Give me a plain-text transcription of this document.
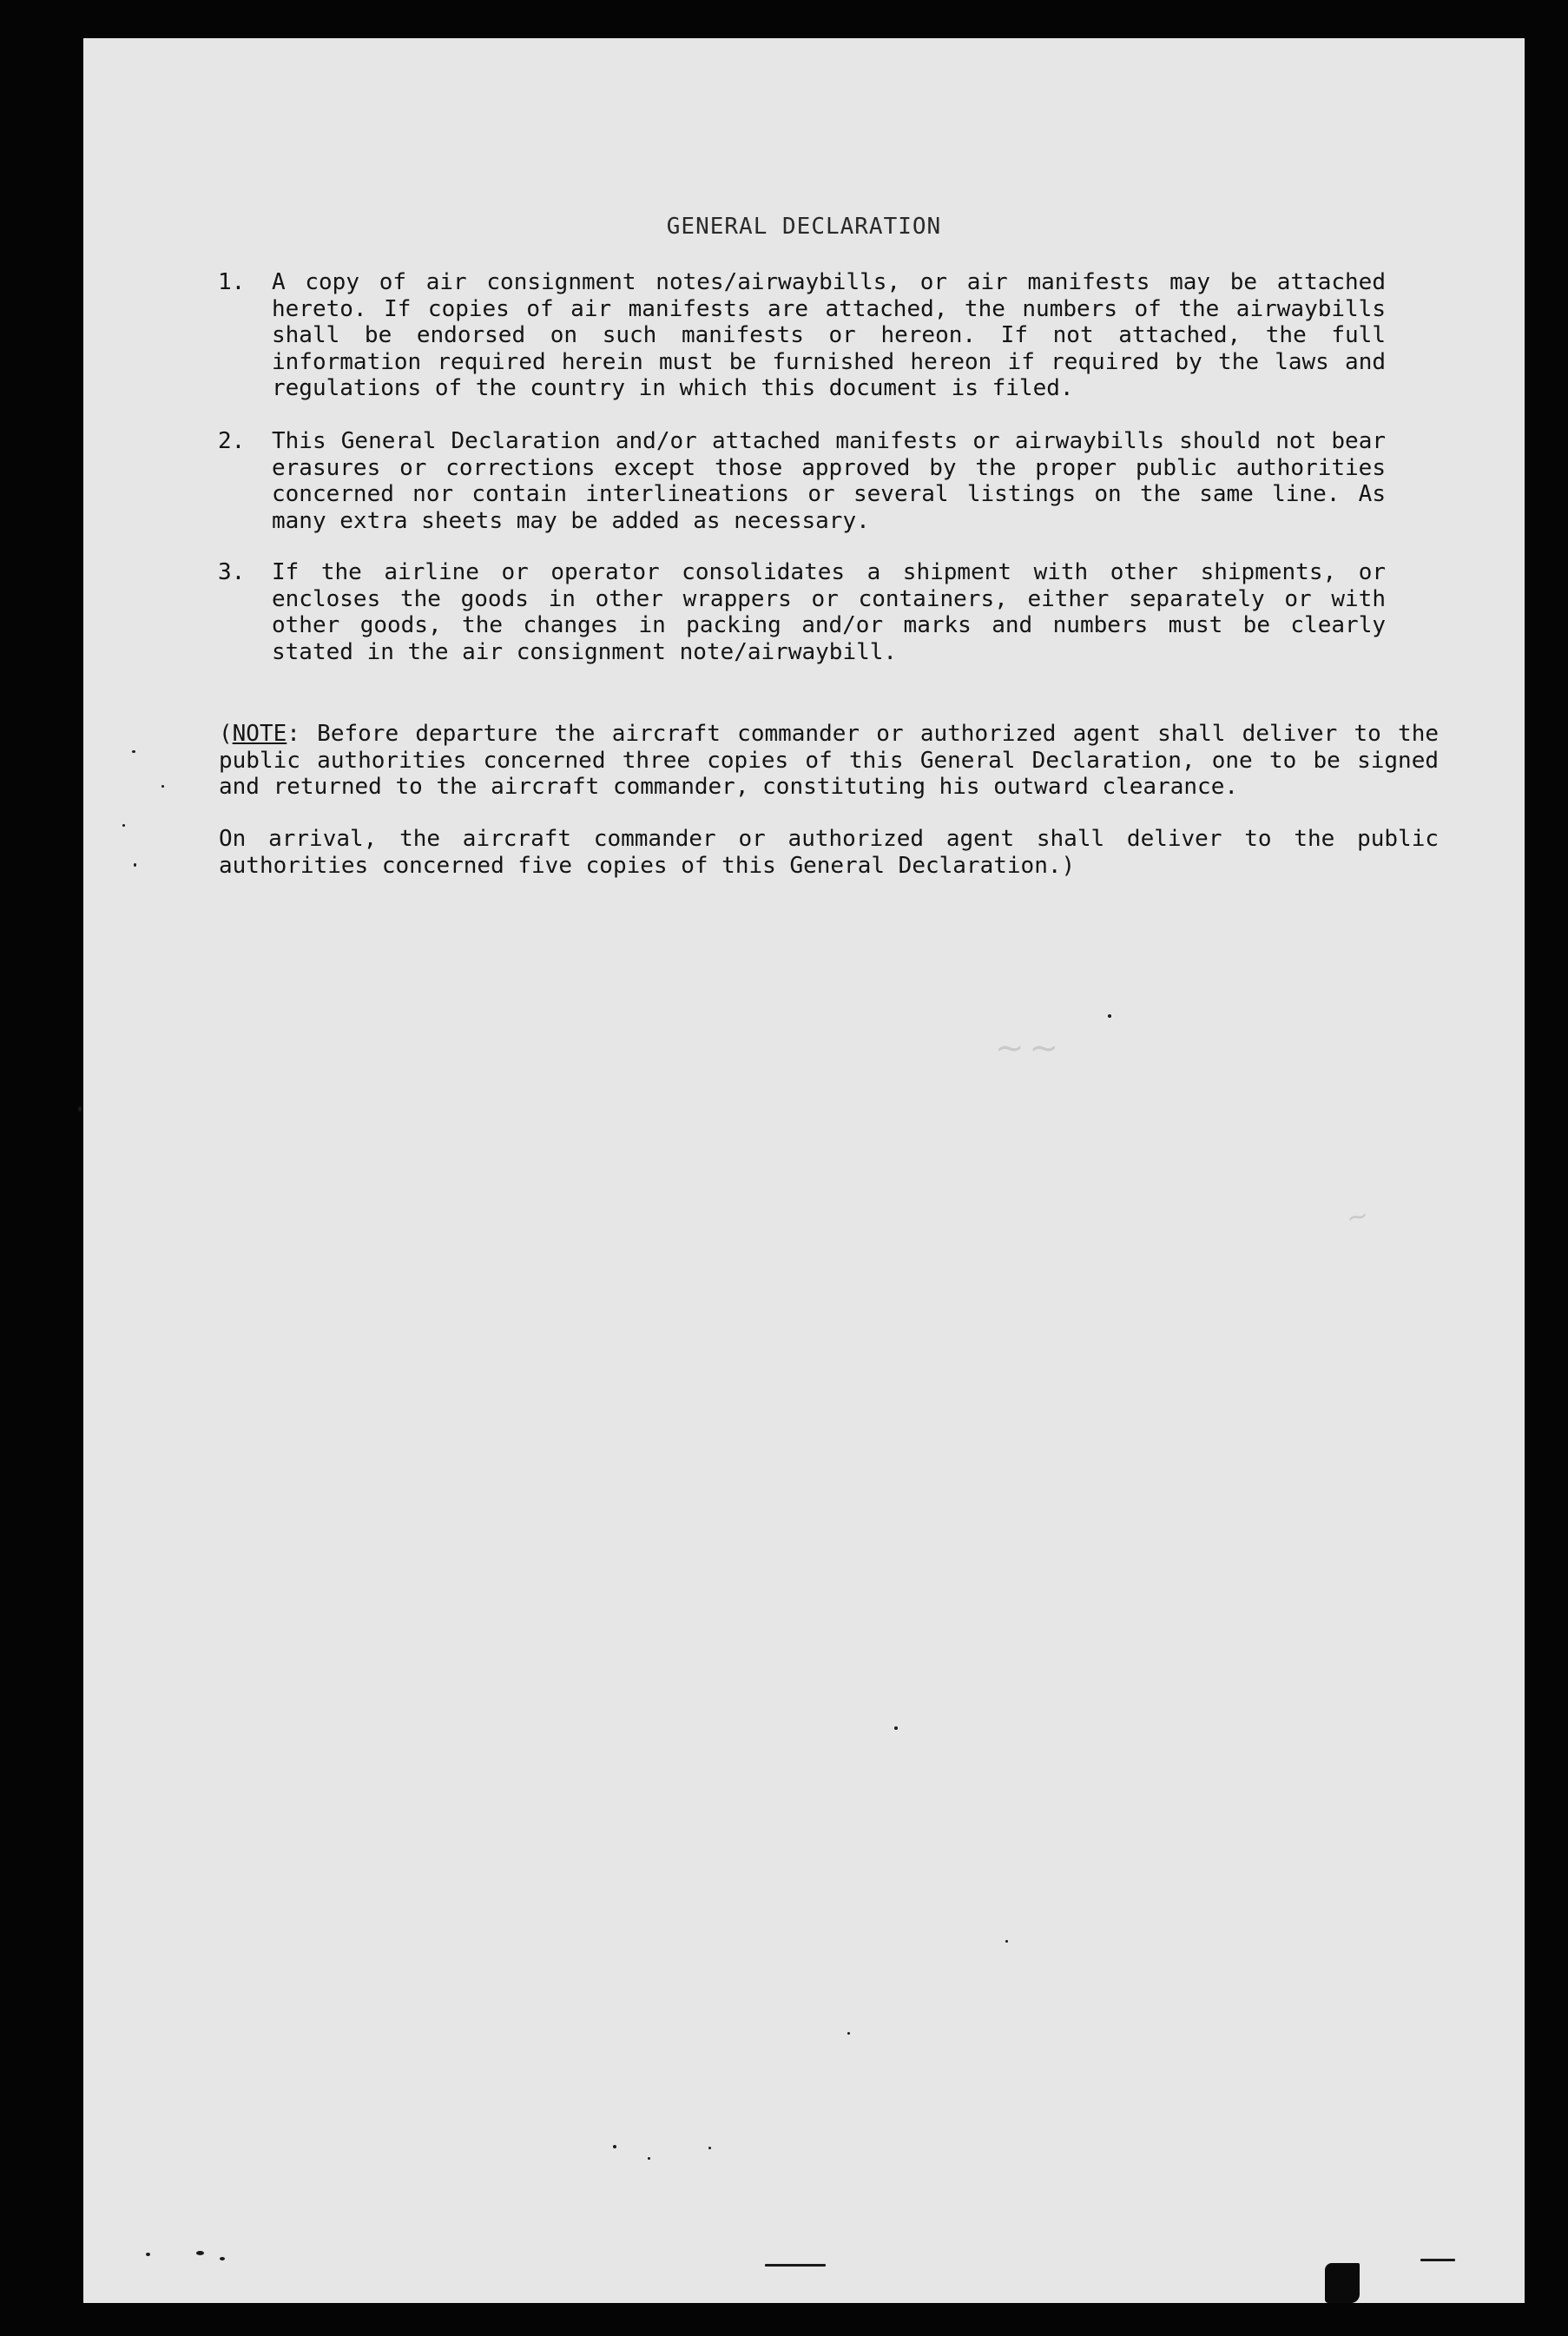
GENERAL DECLARATION
1.	A copy of air consignment notes/airwaybills, or air manifests may be attached hereto. If copies of air manifests are attached, the numbers of the airwaybills shall be endorsed on such manifests or hereon. If not attached, the full information required herein must be furnished hereon if required by the laws and regulations of the country in which this document is filed.
2.	This General Declaration and/or attached manifests or airwaybills should not bear erasures or corrections except those approved by the proper public authorities concerned nor contain interlineations or several listings on the same line. As many extra sheets may be added as necessary.
3.	If the airline or operator consolidates a shipment with other shipments, or encloses the goods in other wrappers or containers, either separately or with other goods, the changes in packing and/or marks and numbers must be clearly stated in the air consignment note/airwaybill.
(NOTE: Before departure the aircraft commander or authorized agent shall deliver to the public authorities concerned three copies of this General Declaration, one to be signed and returned to the aircraft commander, constituting his outward clearance.
On arrival, the aircraft commander or authorized agent shall deliver to the public authorities concerned five copies of this General Declaration.)
~
~~
